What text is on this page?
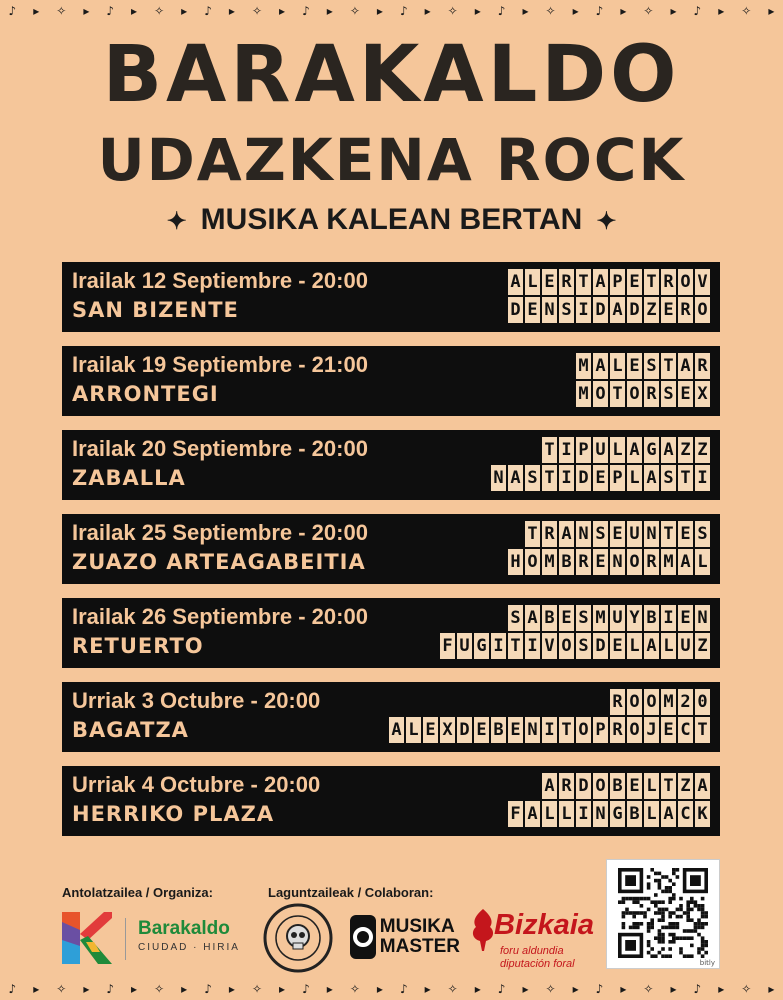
♪ ▸ ✧ ▸ ♪ ▸ ✧ ▸ ♪ ▸ ✧ ▸ ♪ ▸ ✧ ▸ ♪ ▸ ✧ ▸ ♪ ▸ ✧ ▸ ♪ ▸ ✧ ▸ ♪ ▸ ✧ ▸
♪ ▸ ✧ ▸ ♪ ▸ ✧ ▸ ♪ ▸ ✧ ▸ ♪ ▸ ✧ ▸ ♪ ▸ ✧ ▸ ♪ ▸ ✧ ▸ ♪ ▸ ✧ ▸ ♪ ▸ ✧ ▸
BARAKALDO
UDAZKENA ROCK
✦ MUSIKA KALEAN BERTAN ✦
Irailak 12 Septiembre - 20:00
SAN BIZENTE
A L E R T A P E T R O V
D E N S I D A D Z E R O
Irailak 19 Septiembre - 21:00
ARRONTEGI
M A L E S T A R
M O T O R S E X
Irailak 20 Septiembre - 20:00
ZABALLA
T I P U L A G A Z Z
N A S T I D E P L A S T I
Irailak 25 Septiembre - 20:00
ZUAZO ARTEAGABEITIA
T R A N S E U N T E S
H O M B R E N O R M A L
Irailak 26 Septiembre - 20:00
RETUERTO
S A B E S M U Y B I E N
F U G I T I V O S D E L A L U Z
Urriak 3 Octubre - 20:00
BAGATZA
R O O M 2 0
A L E X D E B E N I T O P R O J E C T
Urriak 4 Octubre - 20:00
HERRIKO PLAZA
A R D O B E L T Z A
F A L L I N G B L A C K
Antolatzailea / Organiza:	Laguntzaileak / Colaboran:
Barakaldo
CIUDAD · HIRIA
MUSIKA
MASTER
Bizkaia
foru aldundia
diputación foral	bitly
